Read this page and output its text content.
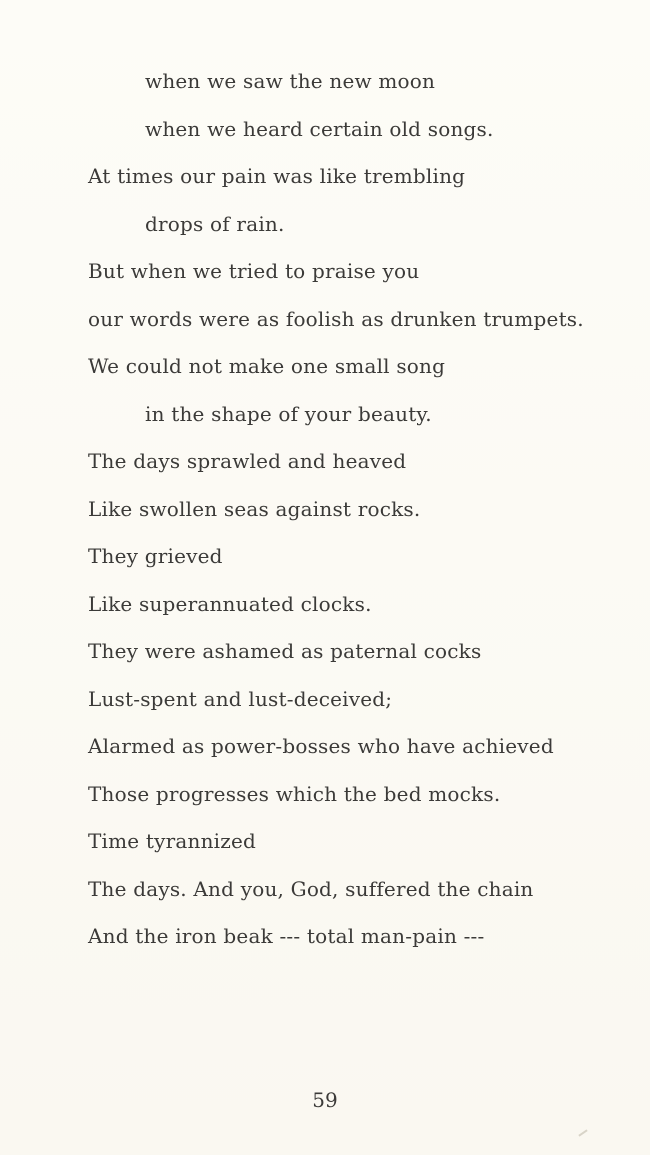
when we saw the new moon
when we heard certain old songs.
At times our pain was like trembling
drops of rain.
But when we tried to praise you
our words were as foolish as drunken trumpets.
We could not make one small song
in the shape of your beauty.
The days sprawled and heaved
Like swollen seas against rocks.
They grieved
Like superannuated clocks.
They were ashamed as paternal cocks
Lust-spent and lust-deceived;
Alarmed as power-bosses who have achieved
Those progresses which the bed mocks.
Time tyrannized
The days. And you, God, suffered the chain
And the iron beak --- total man-pain ---
59
